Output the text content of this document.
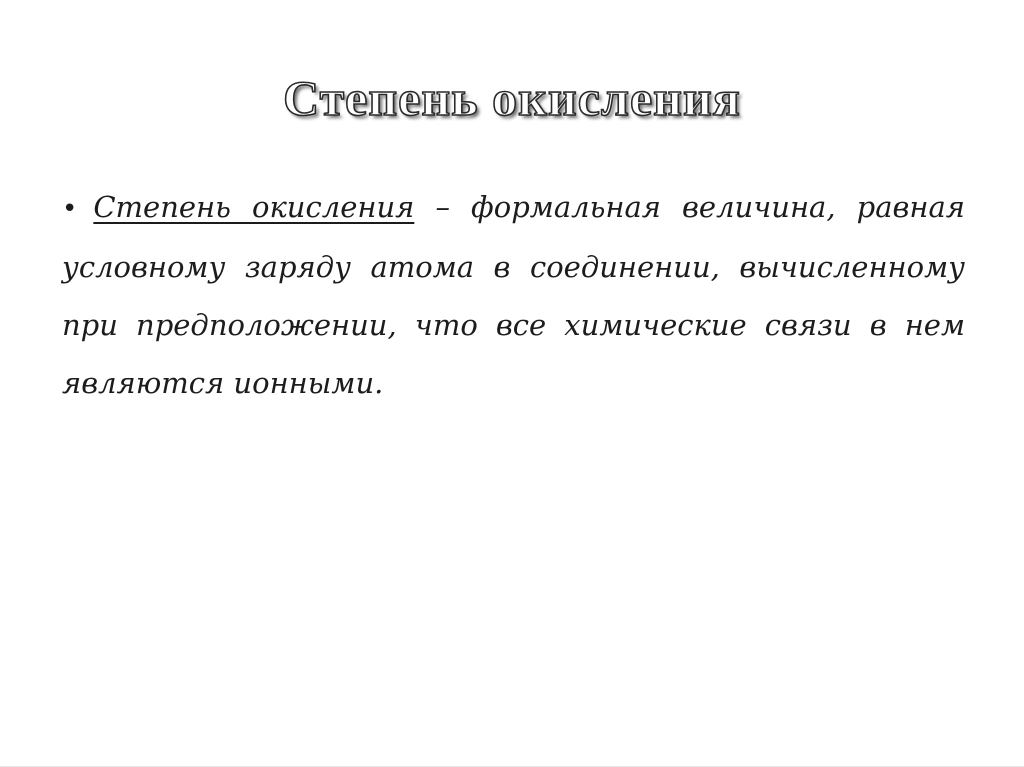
Степень окисления
• Степень окисления – формальная величина, равная условному заряду атома в соединении, вычисленному при предположении, что все химические связи в нем являются ионными.
